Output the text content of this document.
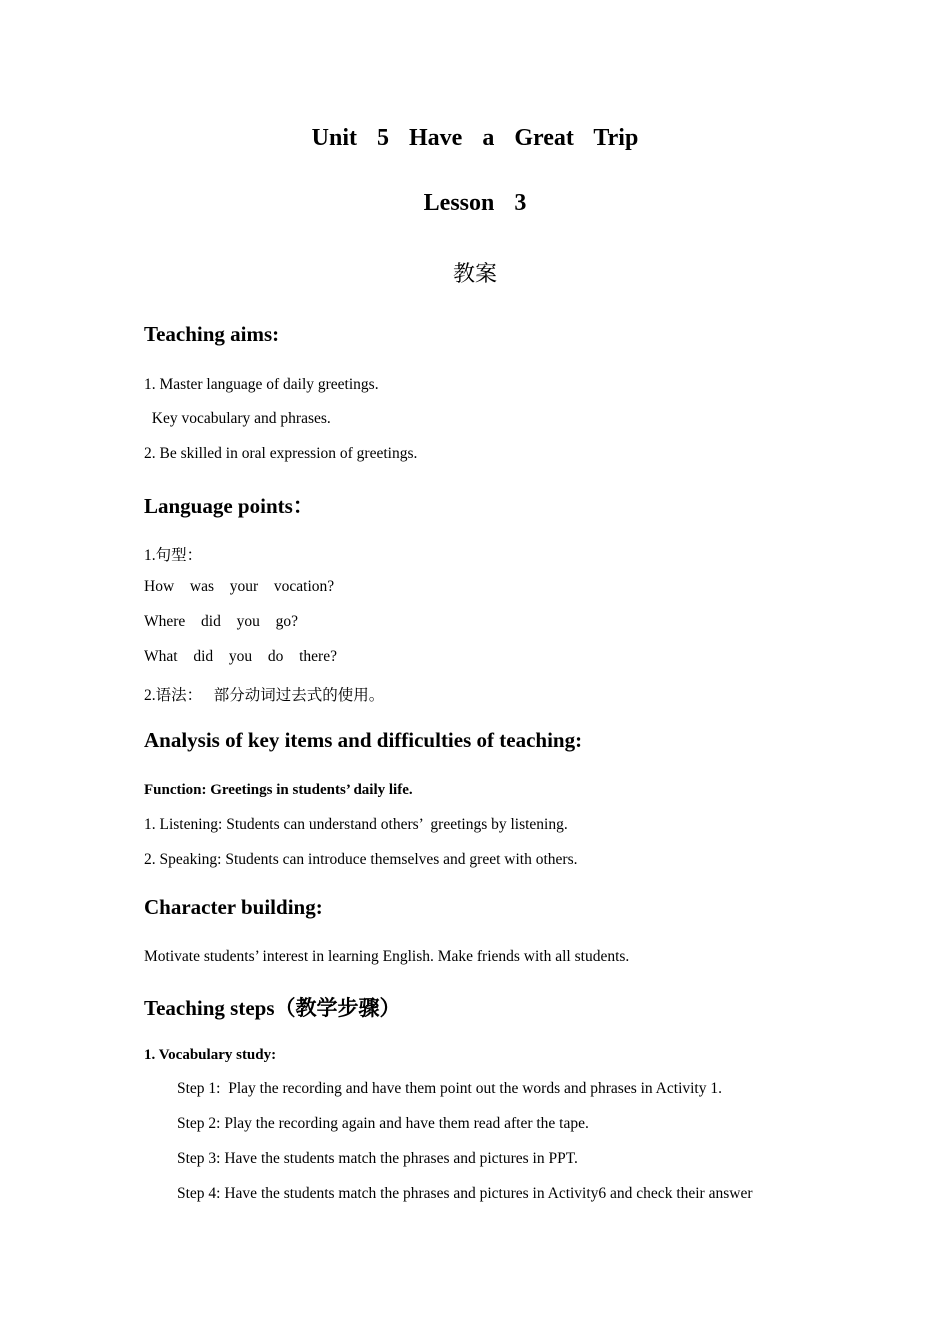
Unit  5  Have  a  Great  Trip
Lesson  3
教案
Teaching aims:
1. Master language of daily greetings.
Key vocabulary and phrases.
2. Be skilled in oral expression of greetings.
Language points：
1.句型：
How  was  your  vocation?
Where  did  you  go?
What  did  you  do  there?
2.语法：   部分动词过去式的使用。
Analysis of key items and difficulties of teaching:
Function: Greetings in students’ daily life.
1. Listening: Students can understand others’  greetings by listening.
2. Speaking: Students can introduce themselves and greet with others.
Character building:
Motivate students’ interest in learning English. Make friends with all students.
Teaching steps（教学步骤）
1. Vocabulary study:
Step 1:  Play the recording and have them point out the words and phrases in Activity 1.
Step 2: Play the recording again and have them read after the tape.
Step 3: Have the students match the phrases and pictures in PPT.
Step 4: Have the students match the phrases and pictures in Activity6 and check their answer
